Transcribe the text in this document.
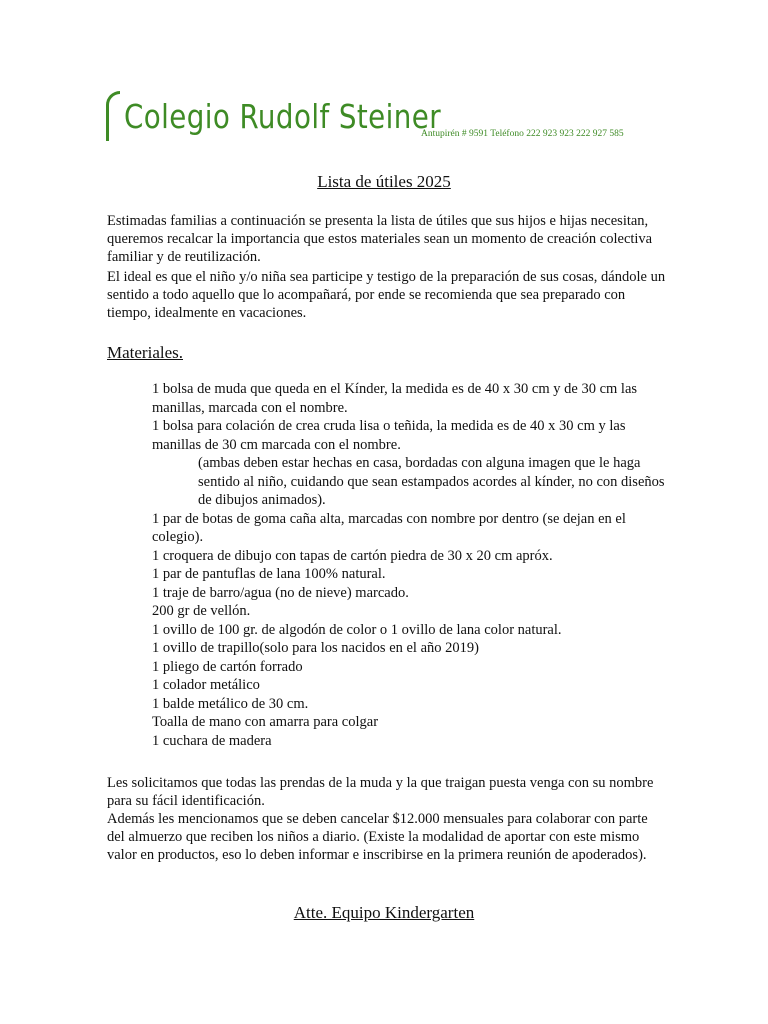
Colegio Rudolf Steiner
Antupirén # 9591 Teléfono 222 923 923 222 927 585
Lista de útiles 2025

Estimadas familias a continuación se presenta la lista de útiles que sus hijos e hijas necesitan, queremos recalcar la importancia que estos materiales sean un momento de creación colectiva familiar y de reutilización.

El ideal es que el niño y/o niña sea participe y testigo de la preparación de sus cosas, dándole un sentido a todo aquello que lo acompañará, por ende se recomienda que sea preparado con tiempo, idealmente en vacaciones.

Materiales.

1 bolsa de muda que queda en el Kínder, la medida es de 40 x 30 cm y de 30 cm las manillas, marcada con el nombre.

1 bolsa para colación de crea cruda lisa o teñida, la medida es de 40 x 30 cm y las manillas de 30 cm marcada con el nombre.

(ambas deben estar hechas en casa, bordadas con alguna imagen que le haga sentido al niño, cuidando que sean estampados acordes al kínder, no con diseños de dibujos animados).

1 par de botas de goma caña alta, marcadas con nombre por dentro (se dejan en el colegio).

1 croquera de dibujo con tapas de cartón piedra de 30 x 20 cm apróx.

1 par de pantuflas de lana 100% natural.

1 traje de barro/agua (no de nieve) marcado.

200 gr de vellón.

1 ovillo de 100 gr. de algodón de color o 1 ovillo de lana color natural.

1 ovillo de trapillo(solo para los nacidos en el año 2019)

1 pliego de cartón forrado

1 colador metálico

1 balde metálico de 30 cm.

Toalla de mano con amarra para colgar

1 cuchara de madera

Les solicitamos que todas las prendas de la muda y la que traigan puesta venga con su nombre para su fácil identificación.

Además les mencionamos que se deben cancelar $12.000 mensuales para colaborar con parte del almuerzo que reciben los niños a diario. (Existe la modalidad de aportar con este mismo valor en productos, eso lo deben informar e inscribirse en la primera reunión de apoderados).

Atte. Equipo Kindergarten
